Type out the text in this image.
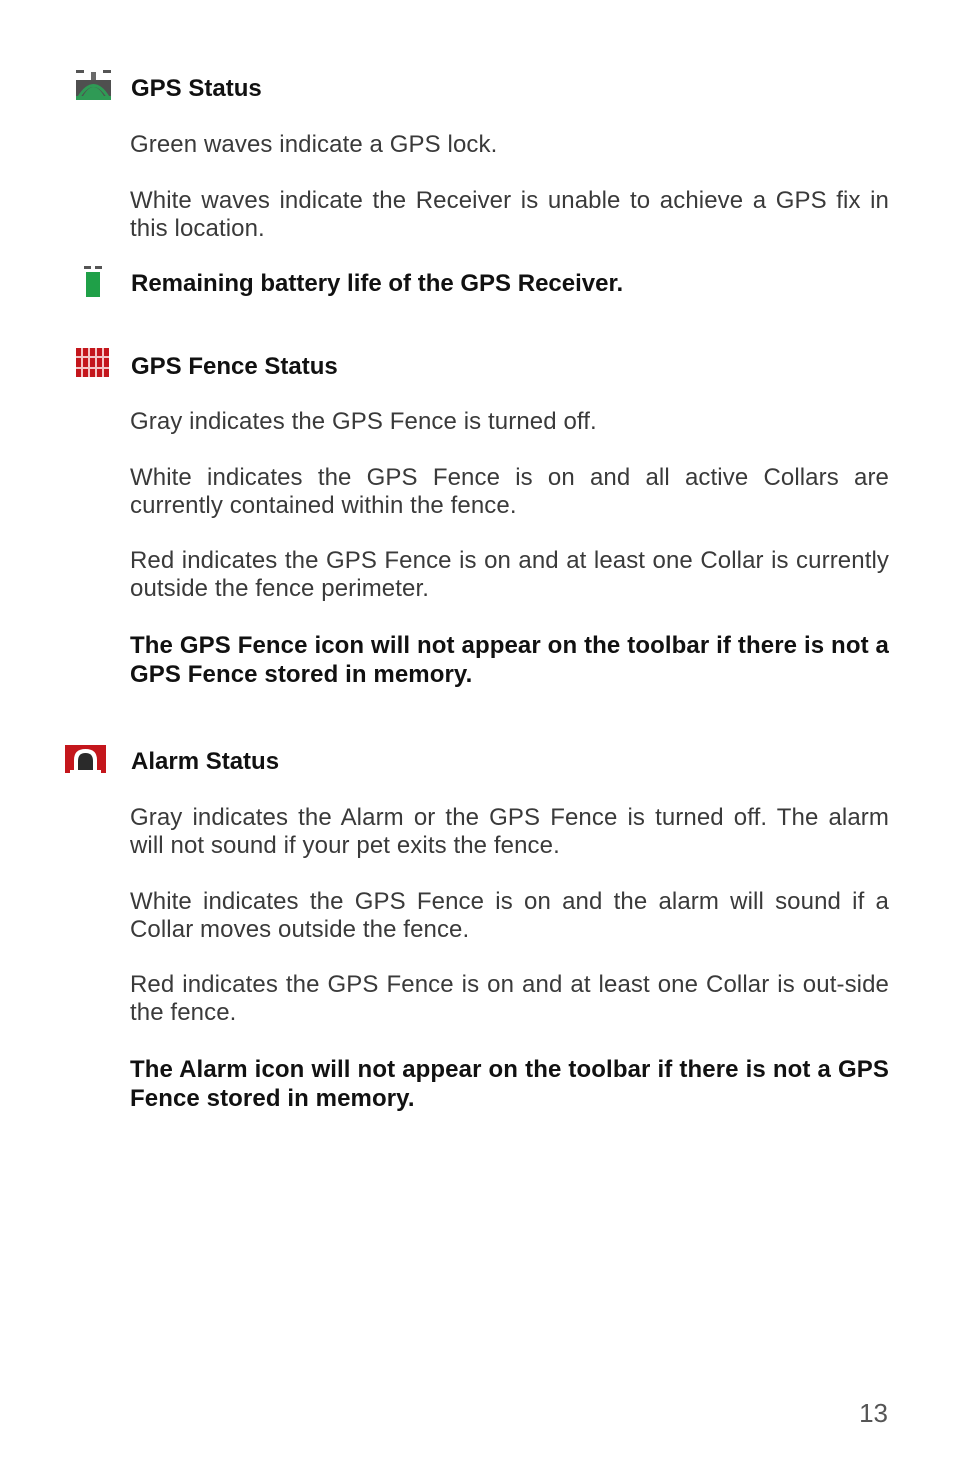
GPS Status

Green waves indicate a GPS lock.

White waves indicate the Receiver is unable to achieve a GPS fix in this location.

Remaining battery life of the GPS Receiver.
GPS Fence Status

Gray indicates the GPS Fence is turned off.

White indicates the GPS Fence is on and all active Collars are currently contained within the fence.

Red indicates the GPS Fence is on and at least one Collar is currently outside the fence perimeter.

The GPS Fence icon will not appear on the toolbar if there is not a GPS Fence stored in memory.

Alarm Status

Gray indicates the Alarm or the GPS Fence is turned off. The alarm will not sound if your pet exits the fence.

White indicates the GPS Fence is on and the alarm will sound if a Collar moves outside the fence.

Red indicates the GPS Fence is on and at least one Collar is out-side the fence.

The Alarm icon will not appear on the toolbar if there is not a GPS Fence stored in memory.

13
